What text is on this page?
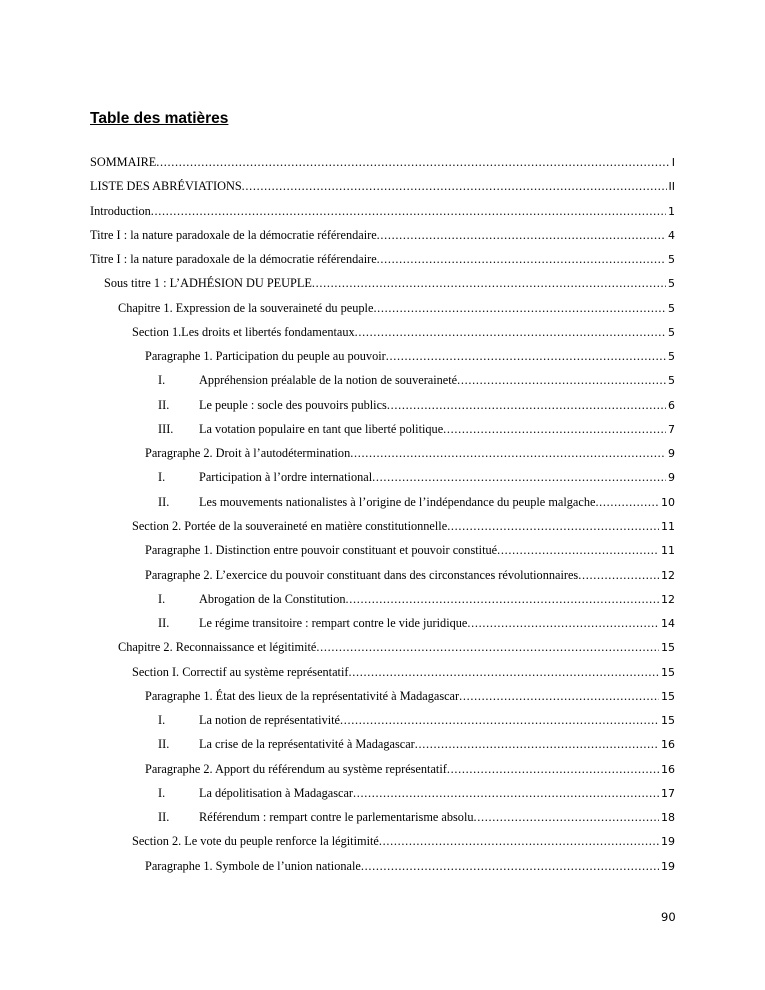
Table des matières
SOMMAIRE . . .	I
LISTE DES ABRÉVIATIONS . . .	II
Introduction . . .	1
Titre I : la nature paradoxale de la démocratie référendaire . . .	4
Titre I : la nature paradoxale de la démocratie référendaire . . .	5
Sous titre 1 : L’ADHÉSION DU PEUPLE . . .	5
Chapitre 1. Expression de la souveraineté du peuple . . .	5
Section 1.Les droits et libertés fondamentaux . . .	5
Paragraphe 1. Participation du peuple au pouvoir . . .	5
I.	Appréhension préalable de la notion de souveraineté . . .	5
II.	Le peuple : socle des pouvoirs publics . . .	6
III.	La votation populaire en tant que liberté politique . . .	7
Paragraphe 2. Droit à l’autodétermination . . .	9
I.	Participation à l’ordre international . . .	9
II.	Les mouvements nationalistes à l’origine de l’indépendance du peuple malgache . . .	10
Section 2. Portée de la souveraineté en matière constitutionnelle . . .	11
Paragraphe 1. Distinction entre pouvoir constituant et pouvoir constitué . . .	11
Paragraphe 2. L’exercice du pouvoir constituant dans des circonstances révolutionnaires . . .	12
I.	Abrogation de la Constitution . . .	12
II.	Le régime transitoire : rempart contre le vide juridique . . .	14
Chapitre 2. Reconnaissance et légitimité . . .	15
Section I. Correctif au système représentatif . . .	15
Paragraphe 1. État des lieux de la représentativité à Madagascar . . .	15
I.	La notion de représentativité . . .	15
II.	La crise de la représentativité à Madagascar . . .	16
Paragraphe 2. Apport du référendum au système représentatif . . .	16
I.	La dépolitisation à Madagascar . . .	17
II.	Référendum : rempart contre le parlementarisme absolu . . .	18
Section 2. Le vote du peuple renforce la légitimité . . .	19
Paragraphe 1. Symbole de l’union nationale . . .	19
90
